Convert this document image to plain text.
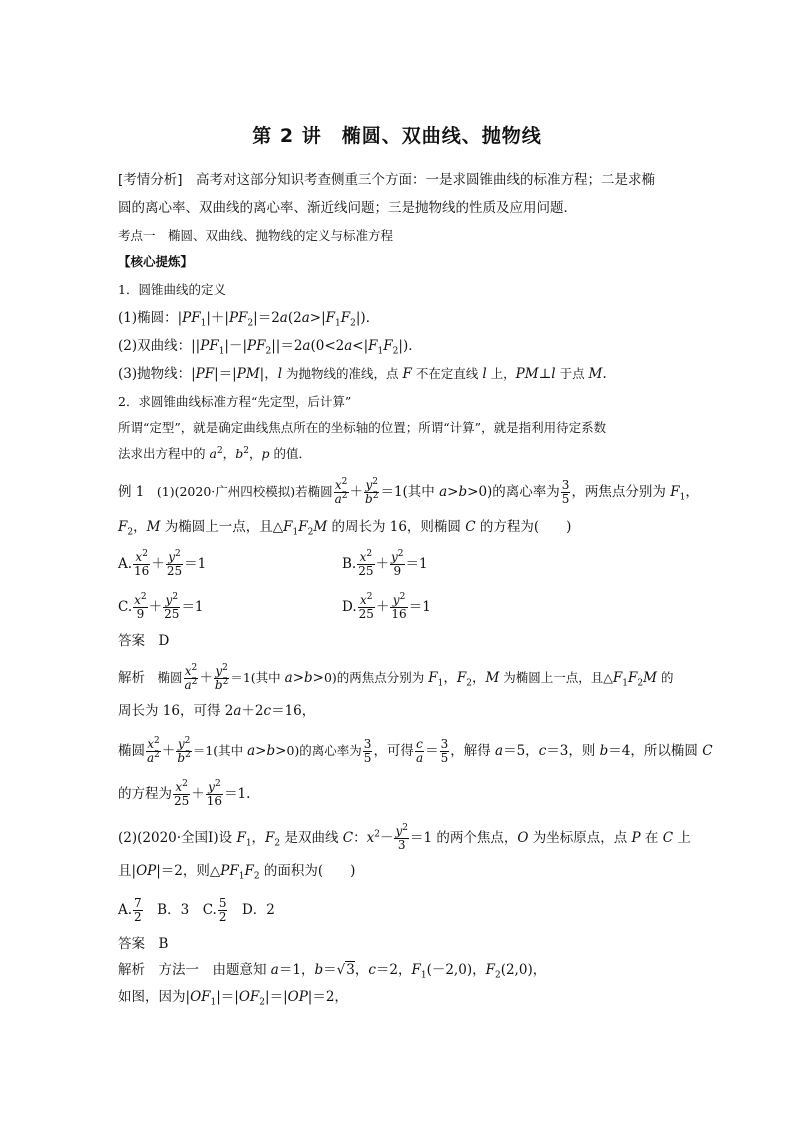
第 2 讲　椭圆、双曲线、抛物线
[考情分析]　高考对这部分知识考查侧重三个方面：一是求圆锥曲线的标准方程；二是求椭
圆的离心率、双曲线的离心率、渐近线问题；三是抛物线的性质及应用问题．
考点一　椭圆、双曲线、抛物线的定义与标准方程
【核心提炼】
1．圆锥曲线的定义
(1)椭圆：$|PF_1|+|PF_2|=2a(2a>|F_1F_2|)$．
(2)双曲线：$||PF_1|-|PF_2||=2a(0<2a<|F_1F_2|)$．
(3)抛物线：|PF|＝|PM|，l 为抛物线的准线，点 F 不在定直线 l 上，PM⊥l 于点 M.
2．求圆锥曲线标准方程“先定型，后计算”
所谓“定型”，就是确定曲线焦点所在的坐标轴的位置；所谓“计算”，就是指利用待定系数
法求出方程中的 $a^2$，$b^2$，p 的值．
例 1　(1)(2020·广州四校模拟)若椭圆 $\frac{x^2}{a^2} + \frac{y^2}{b^2} =1$(其中 a>b>0)的离心率为 $\frac{3}{5}$ ，两焦点分别为 $F_1$，
$F_2$，M 为椭圆上一点，且$\triangle F_1F_2M$ 的周长为 16，则椭圆 C 的方程为(　　)
A. $\frac{x^2}{16} + \frac{y^2}{25} =1$	B. $\frac{x^2}{25} + \frac{y^2}{9} =1$
C. $\frac{x^2}{9} + \frac{y^2}{25} =1$	D. $\frac{x^2}{25} + \frac{y^2}{16} =1$
答案　D
解析　椭圆 $\frac{x^2}{a^2} + \frac{y^2}{b^2} =1$(其中 a>b>0)的两焦点分别为 $F_1$，$F_2$，M 为椭圆上一点，且$\triangle F_1F_2M$ 的
周长为 16，可得 2a＋2c＝16，
椭圆 $\frac{x^2}{a^2} + \frac{y^2}{b^2} =1$(其中 a>b>0)的离心率为 $\frac{3}{5}$ ，可得 $\frac{c}{a} = \frac{3}{5}$ ，解得 a＝5，c＝3，则 b＝4，所以椭圆 C
的方程为 $\frac{x^2}{25} + \frac{y^2}{16} =1$.
(2)(2020·全国Ⅰ)设 $F_1$，$F_2$ 是双曲线 C：$x^2- \frac{y^2}{3} =1$ 的两个焦点，O 为坐标原点，点 P 在 C 上
且|OP|＝2，则$\triangle PF_1F_2$ 的面积为(　　)
A. $\frac{7}{2}$ 　B．3　C. $\frac{5}{2}$ 　D．2
答案　B
解析　方法一　由题意知 a＝1，b＝√3，c＝2，$F_1(-2,0)$，$F_2(2,0)$，
如图，因为$|OF_1|=|OF_2|=|OP|=2$，
